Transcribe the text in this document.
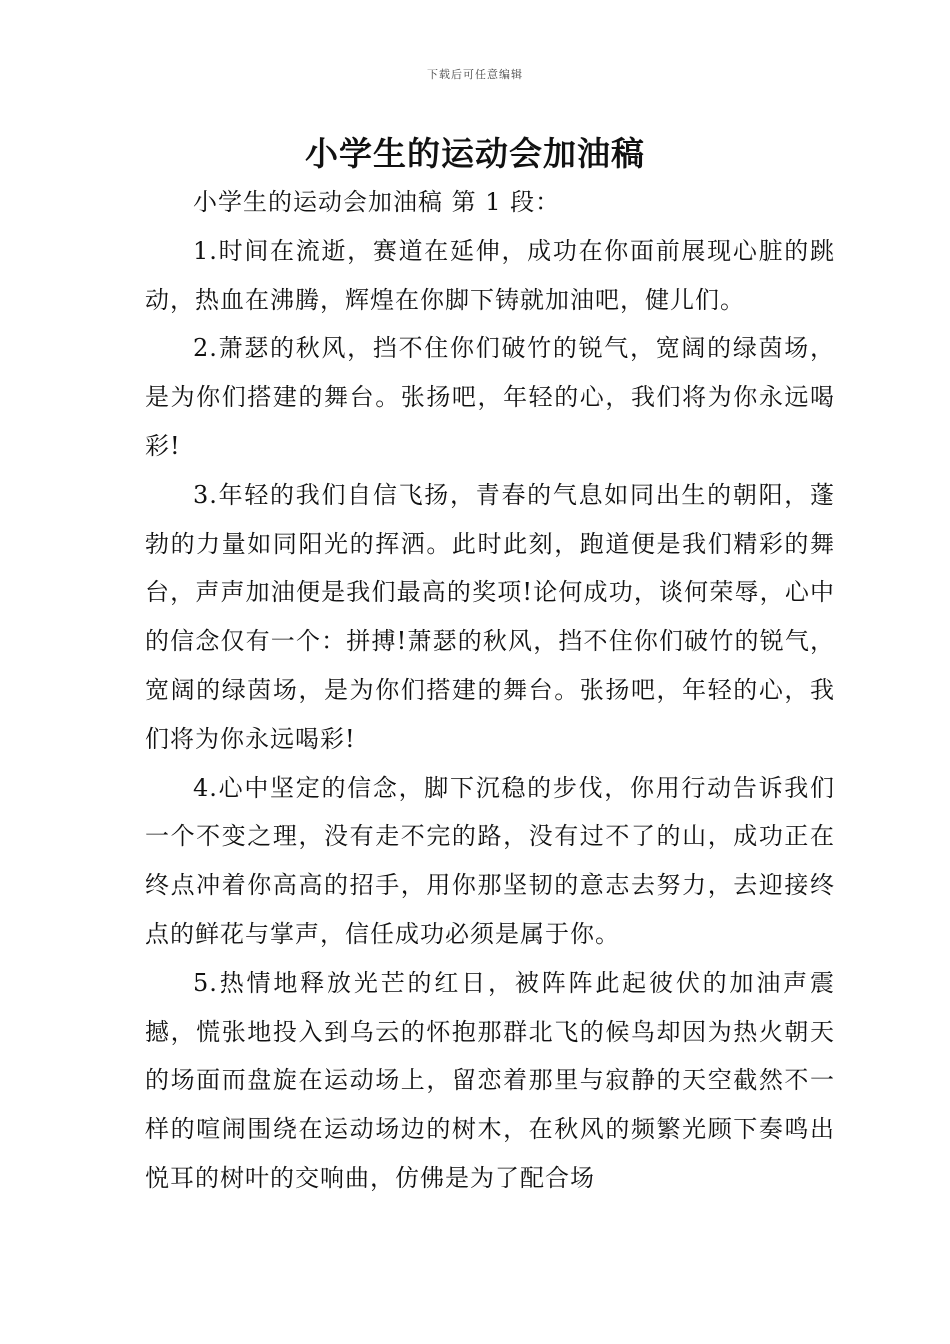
下载后可任意编辑
小学生的运动会加油稿

小学生的运动会加油稿 第 1 段：

1.时间在流逝，赛道在延伸，成功在你面前展现心脏的跳动，热血在沸腾，辉煌在你脚下铸就加油吧，健儿们。

2.萧瑟的秋风，挡不住你们破竹的锐气，宽阔的绿茵场，是为你们搭建的舞台。张扬吧，年轻的心，我们将为你永远喝彩!

3.年轻的我们自信飞扬，青春的气息如同出生的朝阳，蓬勃的力量如同阳光的挥洒。此时此刻，跑道便是我们精彩的舞台，声声加油便是我们最高的奖项!论何成功，谈何荣辱，心中的信念仅有一个：拼搏!萧瑟的秋风，挡不住你们破竹的锐气，宽阔的绿茵场，是为你们搭建的舞台。张扬吧，年轻的心，我们将为你永远喝彩!

4.心中坚定的信念，脚下沉稳的步伐，你用行动告诉我们一个不变之理，没有走不完的路，没有过不了的山，成功正在终点冲着你高高的招手，用你那坚韧的意志去努力，去迎接终点的鲜花与掌声，信任成功必须是属于你。

5.热情地释放光芒的红日，被阵阵此起彼伏的加油声震撼，慌张地投入到乌云的怀抱那群北飞的候鸟却因为热火朝天的场面而盘旋在运动场上，留恋着那里与寂静的天空截然不一样的喧闹围绕在运动场边的树木，在秋风的频繁光顾下奏鸣出悦耳的树叶的交响曲，仿佛是为了配合场
